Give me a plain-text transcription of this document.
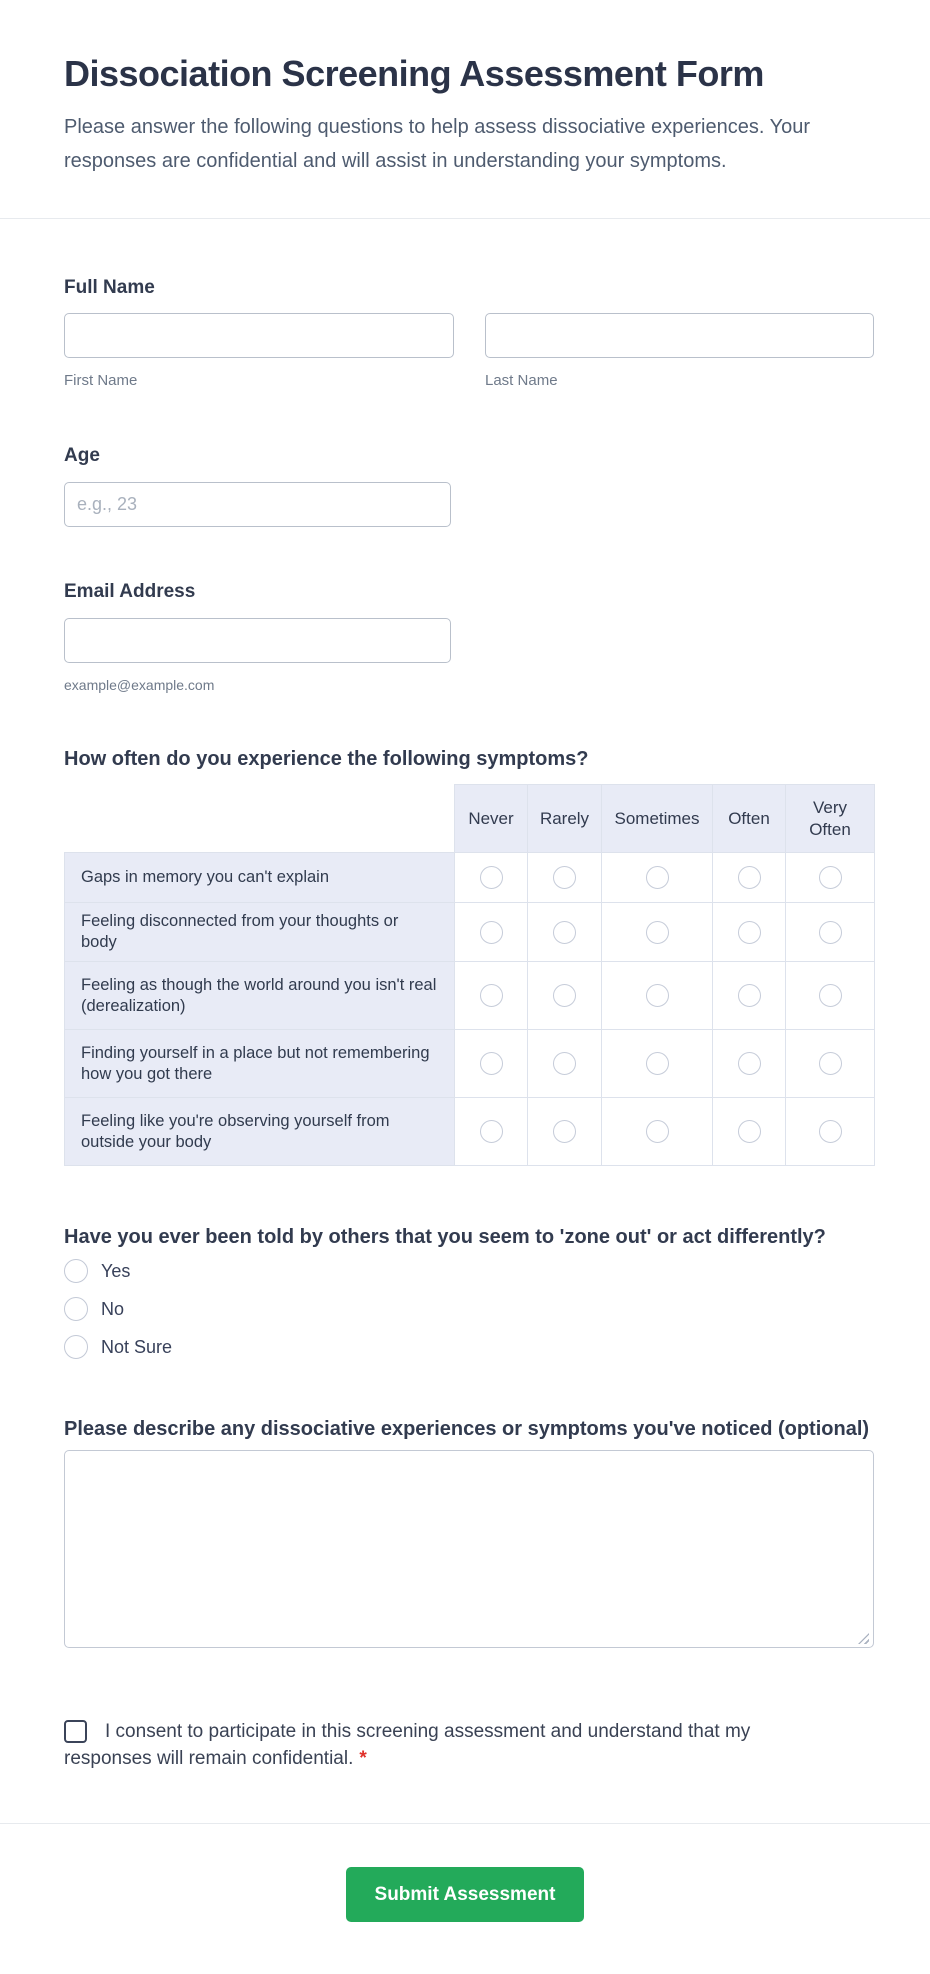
Dissociation Screening Assessment Form

Please answer the following questions to help assess dissociative experiences. Your responses are confidential and will assist in understanding your symptoms.

Full Name
First Name	Last Name
Age
e.g., 23
Email Address
example@example.com
How often do you experience the following symptoms?
	Never	Rarely	Sometimes	Often	Very Often
Gaps in memory you can't explain					
Feeling disconnected from your thoughts or body					
Feeling as though the world around you isn't real (derealization)					
Finding yourself in a place but not remembering how you got there					
Feeling like you're observing yourself from outside your body					
Have you ever been told by others that you seem to 'zone out' or act differently?
Yes
No
Not Sure
Please describe any dissociative experiences or symptoms you've noticed (optional)
I consent to participate in this screening assessment and understand that my responses will remain confidential. *
Submit Assessment
